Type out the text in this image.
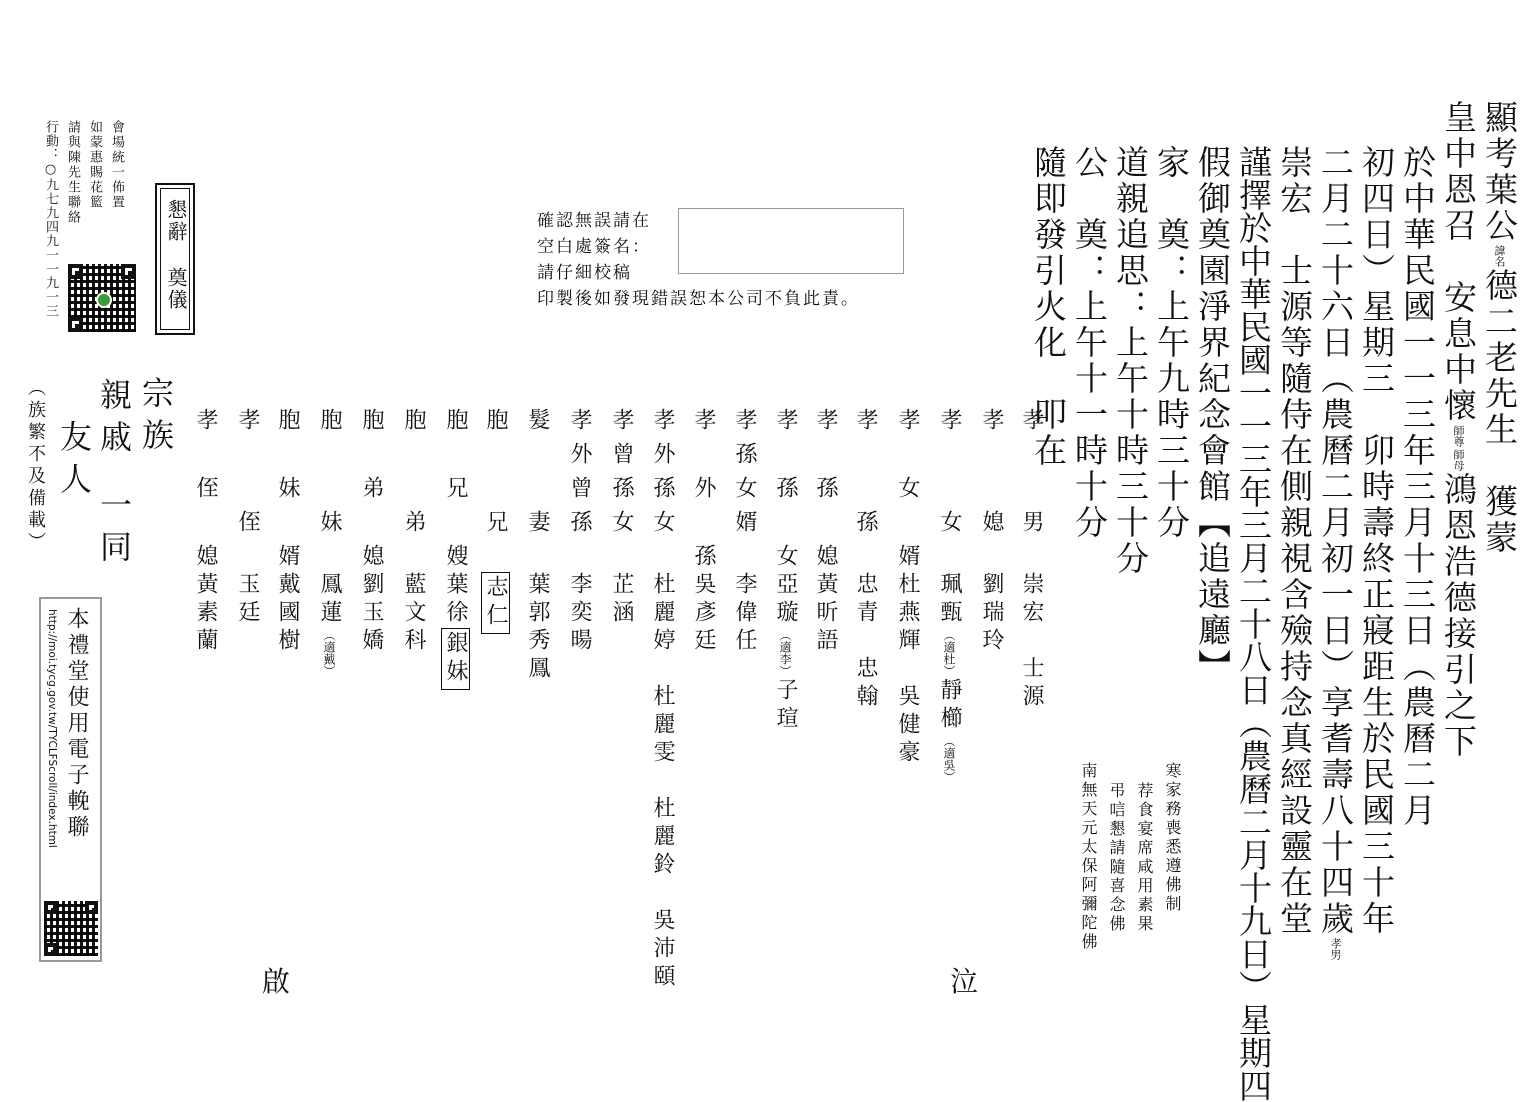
顯考葉公諱名德二老先生　獲蒙
皇中恩召　安息中懷師尊師母鴻恩浩德接引之下
於中華民國一一三年三月十三日（農曆二月
初四日）星期三　卯時壽終正寢距生於民國三十年
二月二十六日（農曆二月初一日）享耆壽八十四歲孝男
崇宏　士源等隨侍在側親視含殮持念真經設靈在堂
謹擇於中華民國一一三年三月二十八日（農曆二月十九日）星期四
假御奠園淨界紀念會館【追遠廳】
家　奠：上午九時三十分
道親追思：上午十時三十分
公　奠：上午十一時十分
隨即發引火化　叩在
寒家務喪悉遵佛制
荐食宴席咸用素果
弔唁懇請隨喜念佛
南無天元太保阿彌陀佛
確認無誤請在
空白處簽名：
請仔細校稿
印製後如發現錯誤恕本公司不負此責。
孝　　男
崇宏　士源
孝　　媳
劉瑞玲
孝　　女
珮甄（適杜）靜櫛（適吳）
孝　女　婿
杜燕輝　吳健豪
孝　　孫
忠青　忠翰
孝　孫　媳
黃昕語
孝　孫　女
亞璇（適李）子瑄
孝孫女婿
李偉任
孝　外　孫
吳彥廷
孝外孫女
杜麗婷　杜麗雯　杜麗鈴　吳沛頤
孝曾孫女
芷涵
孝外曾孫
李奕暘
髮　　妻
葉郭秀鳳
胞　　兄
志仁
胞　兄　嫂
葉徐銀妹
胞　　弟
藍文科
胞　弟　媳
劉玉嬌
胞　　妹
鳳蓮（適戴）
胞　妹　婿
戴國樹
孝　　侄
玉廷
孝　侄　媳
黃素蘭
宗族
親戚
一同
友人
（族繁不及備載）
泣
啟
懇辭
奠儀
會場統一佈置
如蒙惠賜花籃
請與陳先生聯絡
行動：○九七九四九一一九一三
本禮堂使用電子輓聯
http://moi.tycg.gov.tw/TYCLFScroll/index.html
